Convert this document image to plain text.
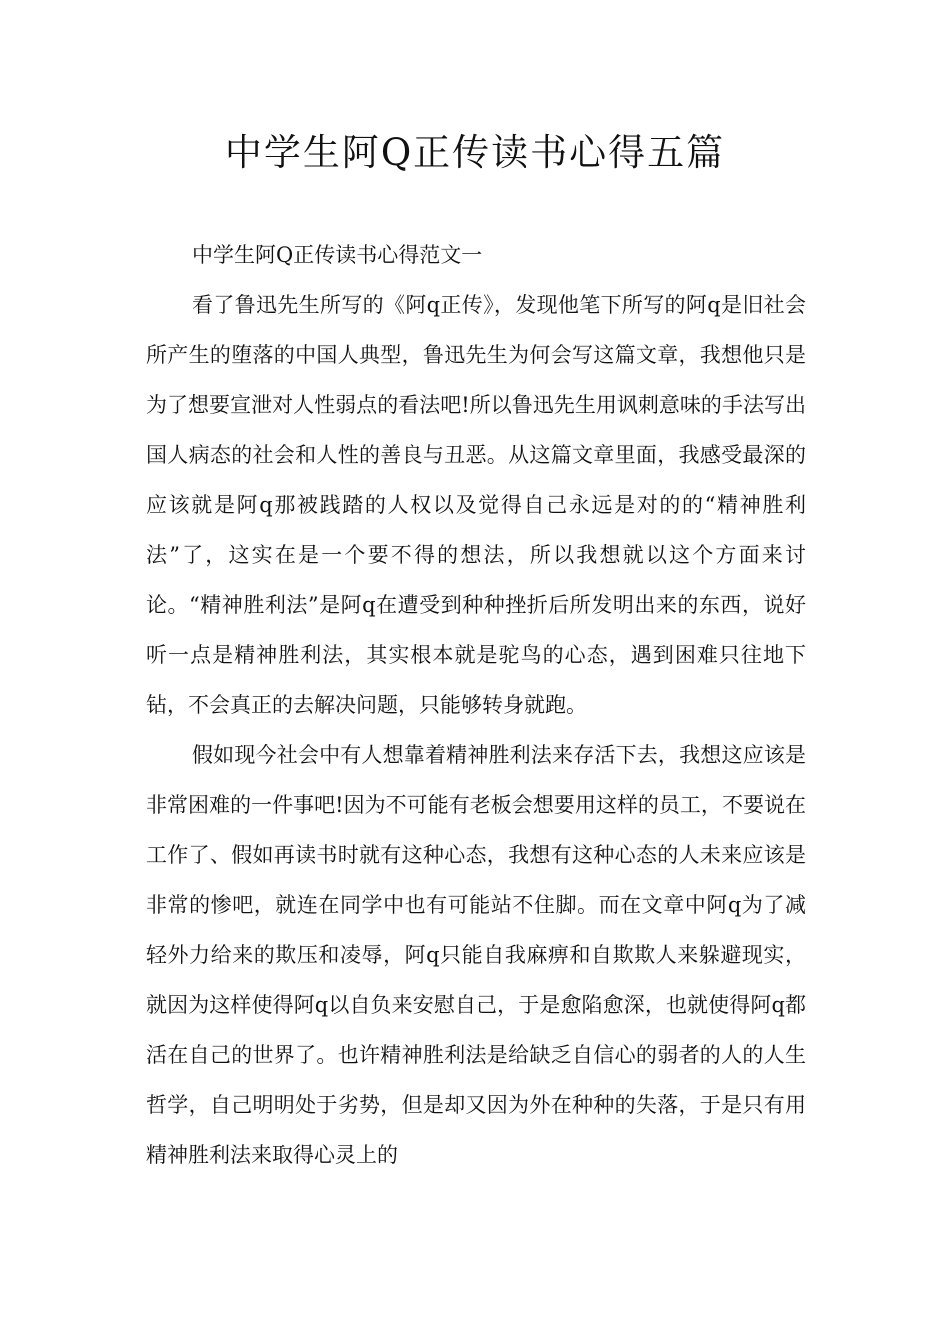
中学生阿Q正传读书心得五篇

中学生阿Q正传读书心得范文一

看了鲁迅先生所写的《阿q正传》，发现他笔下所写的阿q是旧社会所产生的堕落的中国人典型，鲁迅先生为何会写这篇文章，我想他只是为了想要宣泄对人性弱点的看法吧!所以鲁迅先生用讽刺意味的手法写出国人病态的社会和人性的善良与丑恶。从这篇文章里面，我感受最深的应该就是阿q那被践踏的人权以及觉得自己永远是对的的“精神胜利法”了，这实在是一个要不得的想法，所以我想就以这个方面来讨论。“精神胜利法”是阿q在遭受到种种挫折后所发明出来的东西，说好听一点是精神胜利法，其实根本就是驼鸟的心态，遇到困难只往地下钻，不会真正的去解决问题，只能够转身就跑。

假如现今社会中有人想靠着精神胜利法来存活下去，我想这应该是非常困难的一件事吧!因为不可能有老板会想要用这样的员工，不要说在工作了、假如再读书时就有这种心态，我想有这种心态的人未来应该是非常的惨吧，就连在同学中也有可能站不住脚。而在文章中阿q为了减轻外力给来的欺压和凌辱，阿q只能自我麻痹和自欺欺人来躲避现实，就因为这样使得阿q以自负来安慰自己，于是愈陷愈深，也就使得阿q都活在自己的世界了。也许精神胜利法是给缺乏自信心的弱者的人的人生哲学，自己明明处于劣势，但是却又因为外在种种的失落，于是只有用精神胜利法来取得心灵上的
